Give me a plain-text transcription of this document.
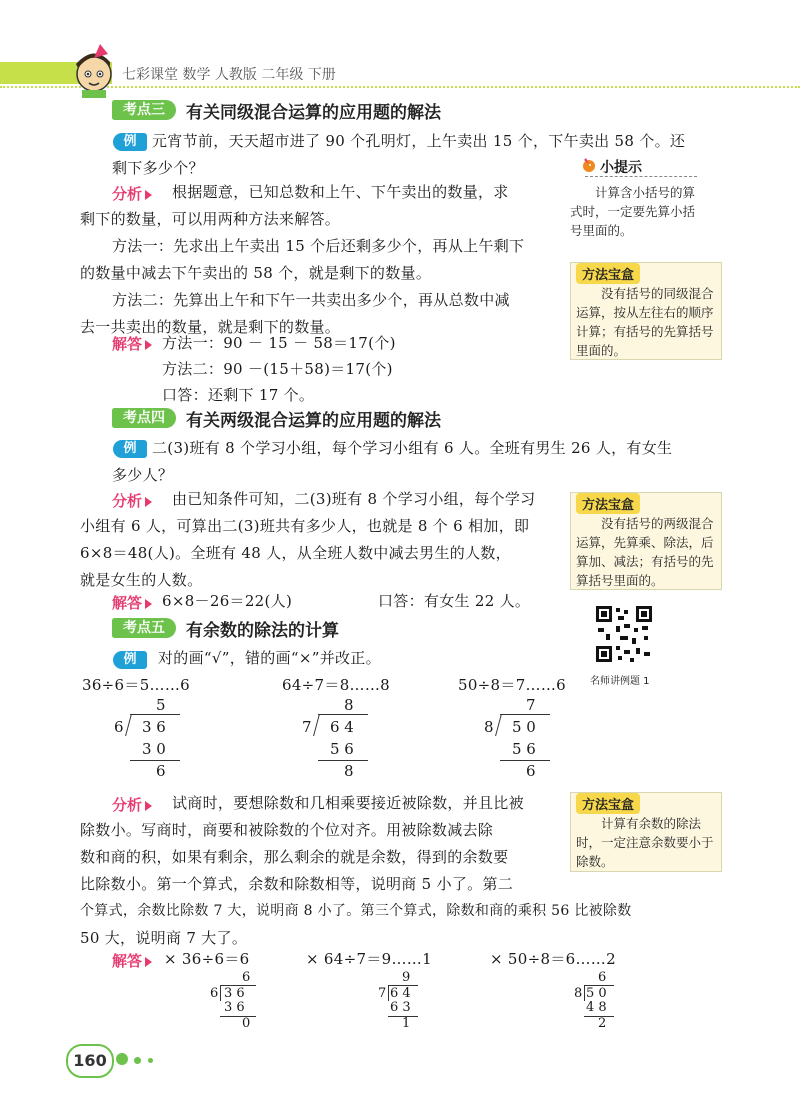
七彩课堂 数学 人教版 二年级 下册
考点三	有关同级混合运算的应用题的解法
例	元宵节前，天天超市进了 90 个孔明灯，上午卖出 15 个，下午卖出 58 个。还
剩下多少个？
分析	根据题意，已知总数和上午、下午卖出的数量，求
剩下的数量，可以用两种方法来解答。
方法一：先求出上午卖出 15 个后还剩多少个，再从上午剩下
的数量中减去下午卖出的 58 个，就是剩下的数量。
方法二：先算出上午和下午一共卖出多少个，再从总数中减
去一共卖出的数量，就是剩下的数量。
解答	方法一：90 － 15 － 58＝17(个)
方法二：90 －(15＋58)＝17(个)
口答：还剩下 17 个。
小提示
计算含小括号的算式时，一定要先算小括号里面的。
方法宝盒
没有括号的同级混合运算，按从左往右的顺序计算；有括号的先算括号里面的。
考点四	有关两级混合运算的应用题的解法
例	二(3)班有 8 个学习小组，每个学习小组有 6 人。全班有男生 26 人，有女生
多少人？
分析	由已知条件可知，二(3)班有 8 个学习小组，每个学习
小组有 6 人，可算出二(3)班共有多少人，也就是 8 个 6 相加，即
6×8＝48(人)。全班有 48 人，从全班人数中减去男生的人数，
就是女生的人数。
解答	6×8－26＝22(人)	口答：有女生 22 人。
方法宝盒
没有括号的两级混合运算，先算乘、除法，后算加、减法；有括号的先算括号里面的。
名师讲例题 1
考点五	有余数的除法的计算
例	对的画“√”，错的画“×”并改正。
36÷6＝5……6	64÷7＝8……8	50÷8＝7……6
5
6 3 6
3 0
6
8
7 6 4
5 6
8
7
8 5 0
5 6
6
分析	试商时，要想除数和几相乘要接近被除数，并且比被
除数小。写商时，商要和被除数的个位对齐。用被除数减去除
数和商的积，如果有剩余，那么剩余的就是余数，得到的余数要
比除数小。第一个算式，余数和除数相等，说明商 5 小了。第二
个算式，余数比除数 7 大，说明商 8 小了。第三个算式，除数和商的乘积 56 比被除数
50 大，说明商 7 大了。
方法宝盒
计算有余数的除法时，一定注意余数要小于除数。
解答	× 36÷6＝6	× 64÷7＝9……1	× 50÷8＝6……2
6
6 3 6
3 6
0
9
7 6 4
6 3
1
6
8 5 0
4 8
2
160
